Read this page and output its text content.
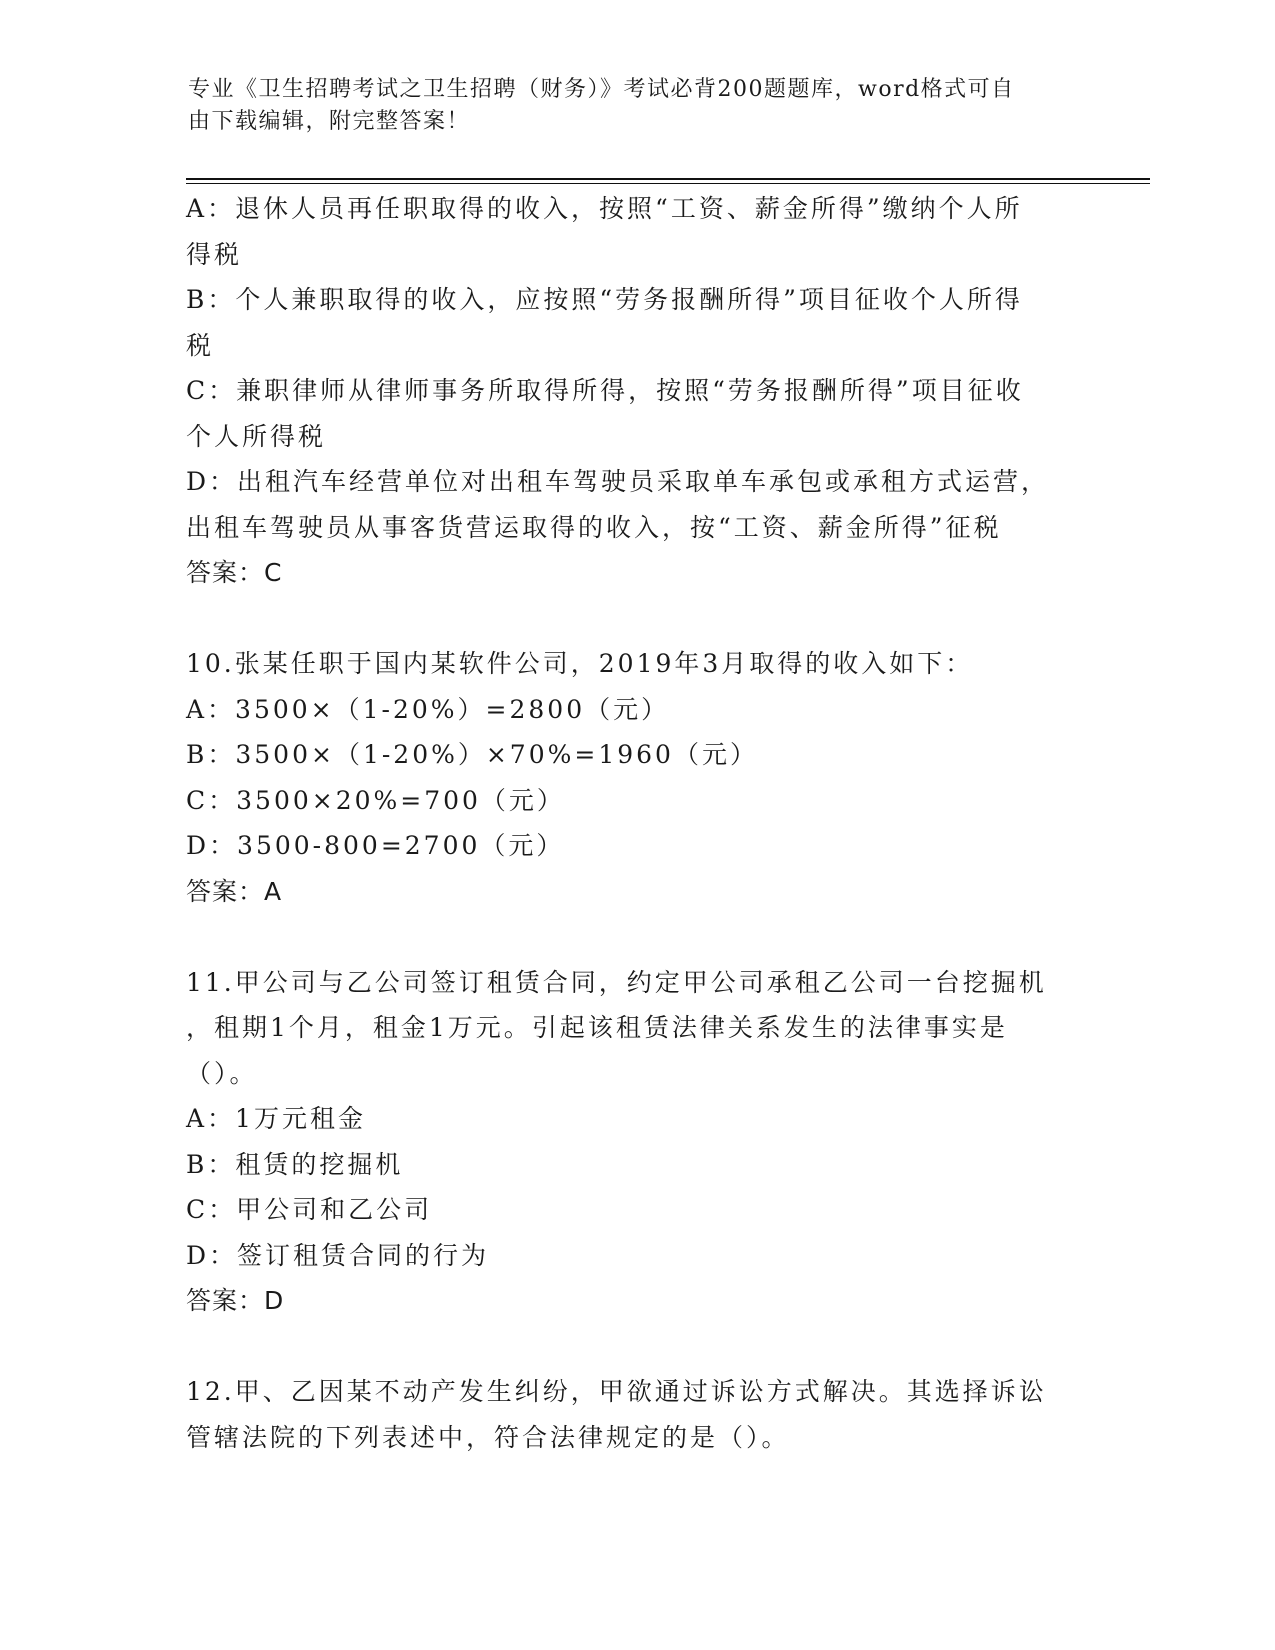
专业《卫生招聘考试之卫生招聘（财务）》考试必背200题题库，word格式可自
由下载编辑，附完整答案！
A：退休人员再任职取得的收入，按照“工资、薪金所得”缴纳个人所
得税
B：个人兼职取得的收入，应按照“劳务报酬所得”项目征收个人所得
税
C：兼职律师从律师事务所取得所得，按照“劳务报酬所得”项目征收
个人所得税
D：出租汽车经营单位对出租车驾驶员采取单车承包或承租方式运营，
出租车驾驶员从事客货营运取得的收入，按“工资、薪金所得”征税
答案：C
10.张某任职于国内某软件公司，2019年3月取得的收入如下：
A：3500×（1-20%）=2800（元）
B：3500×（1-20%）×70%=1960（元）
C：3500×20%=700（元）
D：3500-800=2700（元）
答案：A
11.甲公司与乙公司签订租赁合同，约定甲公司承租乙公司一台挖掘机
，租期1个月，租金1万元。引起该租赁法律关系发生的法律事实是
（）。
A：1万元租金
B：租赁的挖掘机
C：甲公司和乙公司
D：签订租赁合同的行为
答案：D
12.甲、乙因某不动产发生纠纷，甲欲通过诉讼方式解决。其选择诉讼
管辖法院的下列表述中，符合法律规定的是（）。
